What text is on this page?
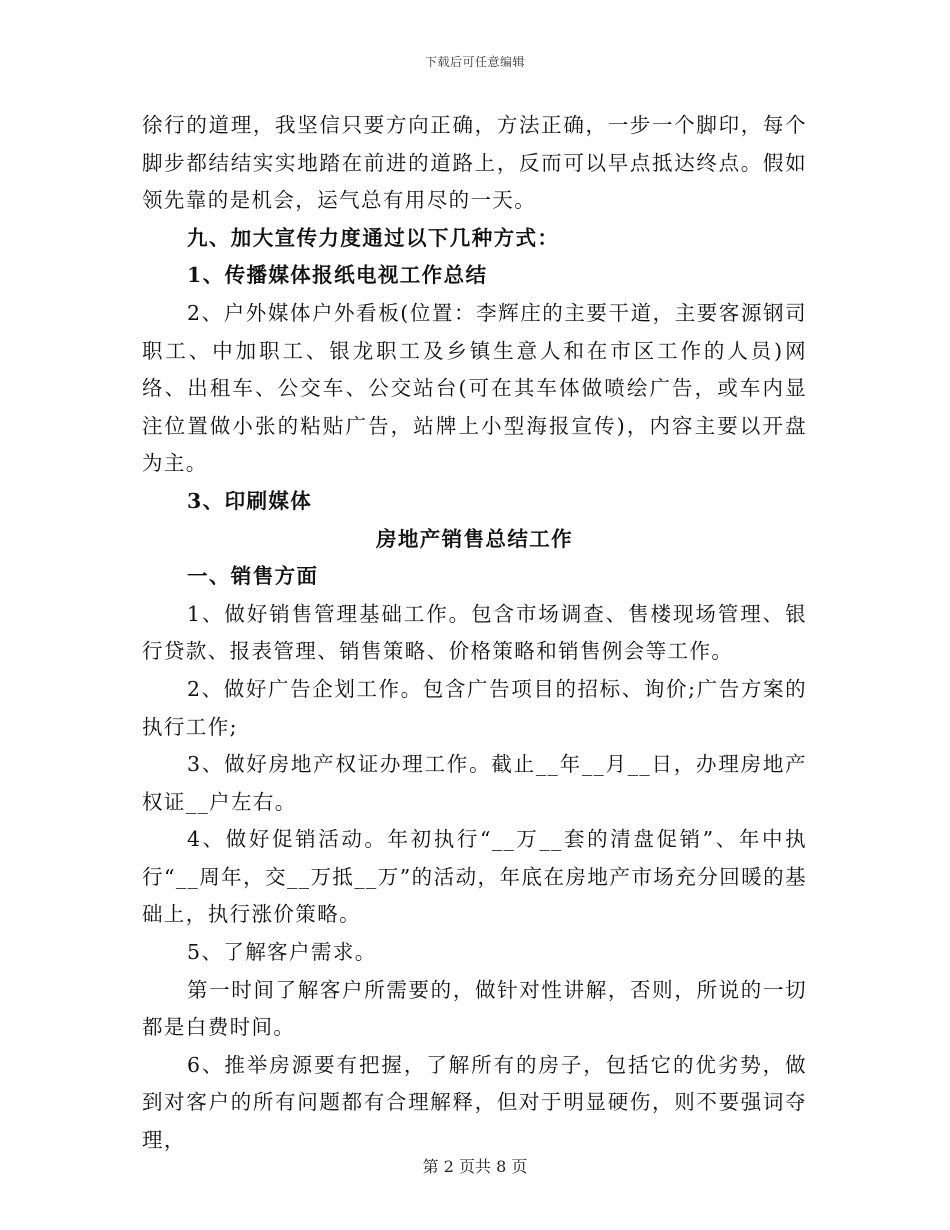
下载后可任意编辑

徐行的道理，我坚信只要方向正确，方法正确，一步一个脚印，每个脚步都结结实实地踏在前进的道路上，反而可以早点抵达终点。假如领先靠的是机会，运气总有用尽的一天。

九、加大宣传力度通过以下几种方式：

1、传播媒体报纸电视工作总结

2、户外媒体户外看板(位置：李辉庄的主要干道，主要客源钢司职工、中加职工、银龙职工及乡镇生意人和在市区工作的人员)网络、出租车、公交车、公交站台(可在其车体做喷绘广告，或车内显注位置做小张的粘贴广告，站牌上小型海报宣传)，内容主要以开盘为主。

3、印刷媒体

房地产销售总结工作

一、销售方面

1、做好销售管理基础工作。包含市场调查、售楼现场管理、银行贷款、报表管理、销售策略、价格策略和销售例会等工作。

2、做好广告企划工作。包含广告项目的招标、询价;广告方案的执行工作;

3、做好房地产权证办理工作。截止__年__月__日，办理房地产权证__户左右。

4、做好促销活动。年初执行“__万__套的清盘促销”、年中执行“__周年，交__万抵__万”的活动，年底在房地产市场充分回暖的基础上，执行涨价策略。

5、了解客户需求。

第一时间了解客户所需要的，做针对性讲解，否则，所说的一切都是白费时间。

6、推举房源要有把握，了解所有的房子，包括它的优劣势，做到对客户的所有问题都有合理解释，但对于明显硬伤，则不要强词夺理，

第 2 页共 8 页
